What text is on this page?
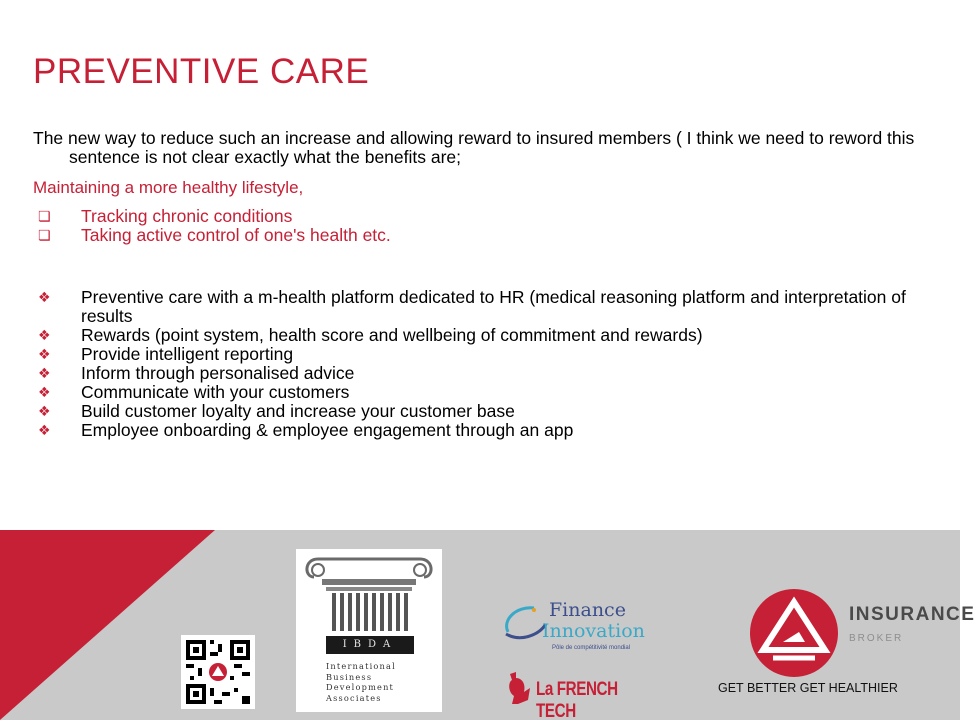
PREVENTIVE CARE
The new way to reduce such an increase and allowing reward to insured members ( I think we need to reword this sentence is not clear exactly what the benefits are;
Maintaining a more healthy lifestyle,
❏	Tracking chronic conditions
❏	Taking active control of one's health etc.
❖	Preventive care with a m-health platform dedicated to HR (medical reasoning platform and interpretation of results
❖	Rewards (point system, health score and wellbeing of commitment and rewards)
❖	Provide intelligent reporting
❖	Inform through personalised advice
❖	Communicate with your customers
❖	Build customer loyalty and increase your customer base
❖	Employee onboarding & employee engagement through an app
IBDA
International
Business
Development
Associates
Finance
Innovation
Pôle de compétitivité mondial
La FRENCH TECH
INSURANCE
BROKER
GET BETTER GET HEALTHIER
